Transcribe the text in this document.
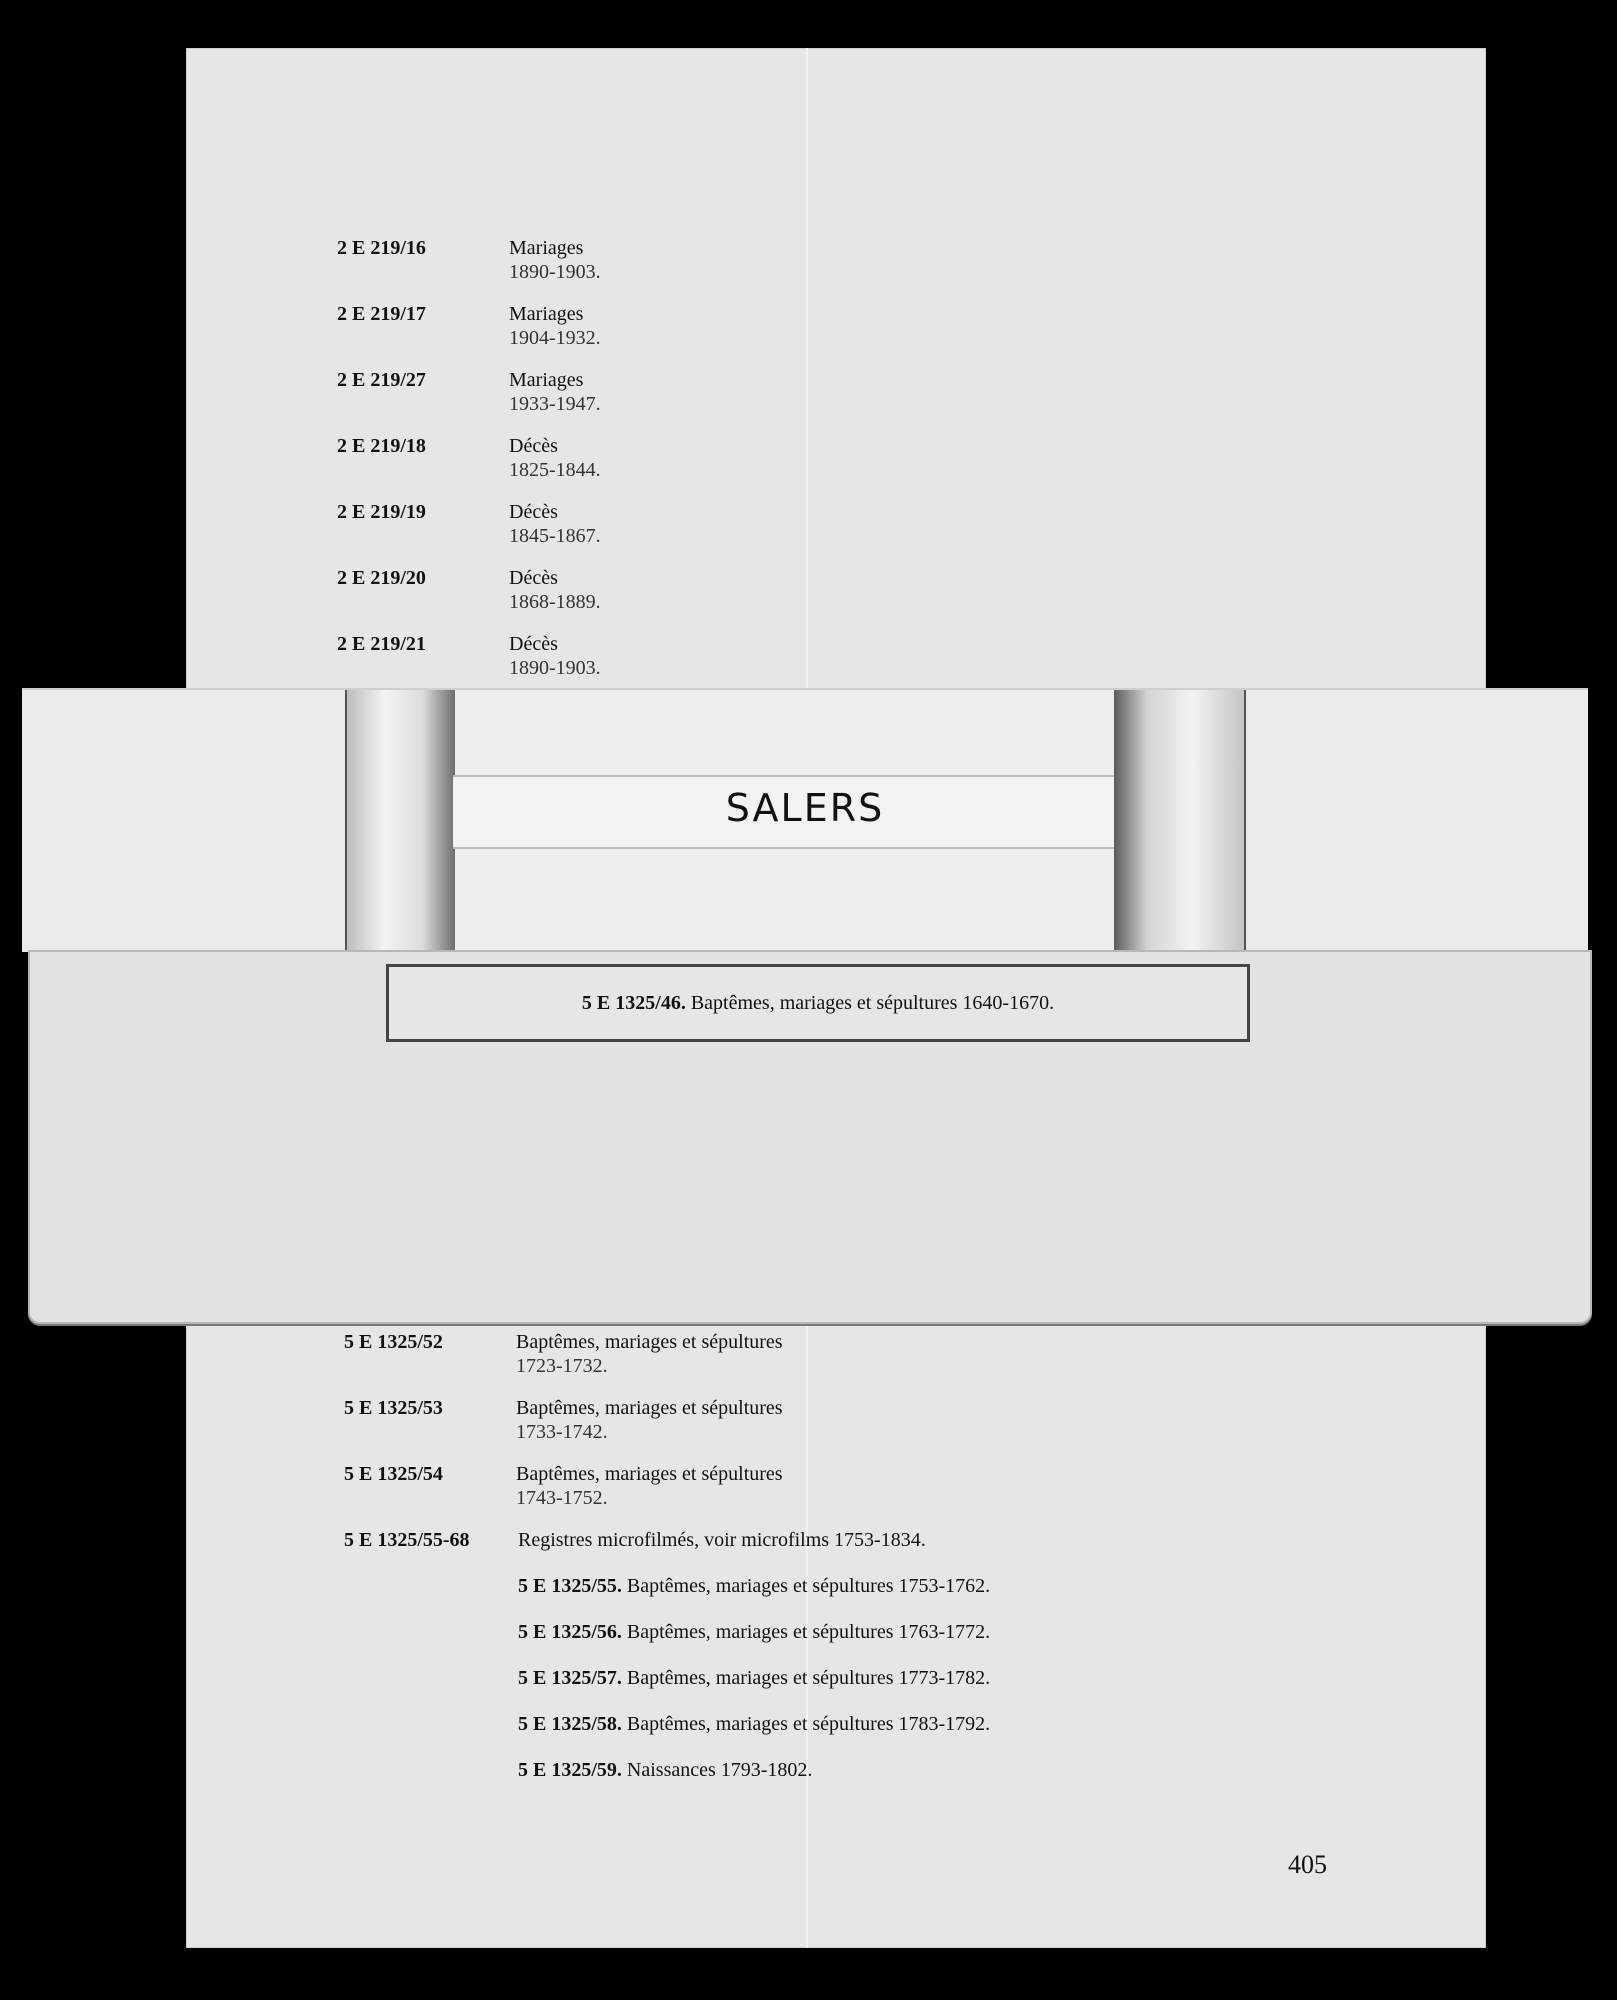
2 E 219/16	Mariages
1890-1903.
2 E 219/17	Mariages
1904-1932.
2 E 219/27	Mariages
1933-1947.
2 E 219/18	Décès
1825-1844.
2 E 219/19	Décès
1845-1867.
2 E 219/20	Décès
1868-1889.
2 E 219/21	Décès
1890-1903.
SALERS
5 E 1325/46. Baptêmes, mariages et sépultures 1640-1670.
5 E 1325/52	Baptêmes, mariages et sépultures
1723-1732.
5 E 1325/53	Baptêmes, mariages et sépultures
1733-1742.
5 E 1325/54	Baptêmes, mariages et sépultures
1743-1752.
5 E 1325/55-68 Registres microfilmés, voir microfilms 1753-1834.
5 E 1325/55. Baptêmes, mariages et sépultures 1753-1762.
5 E 1325/56. Baptêmes, mariages et sépultures 1763-1772.
5 E 1325/57. Baptêmes, mariages et sépultures 1773-1782.
5 E 1325/58. Baptêmes, mariages et sépultures 1783-1792.
5 E 1325/59. Naissances 1793-1802.
405
